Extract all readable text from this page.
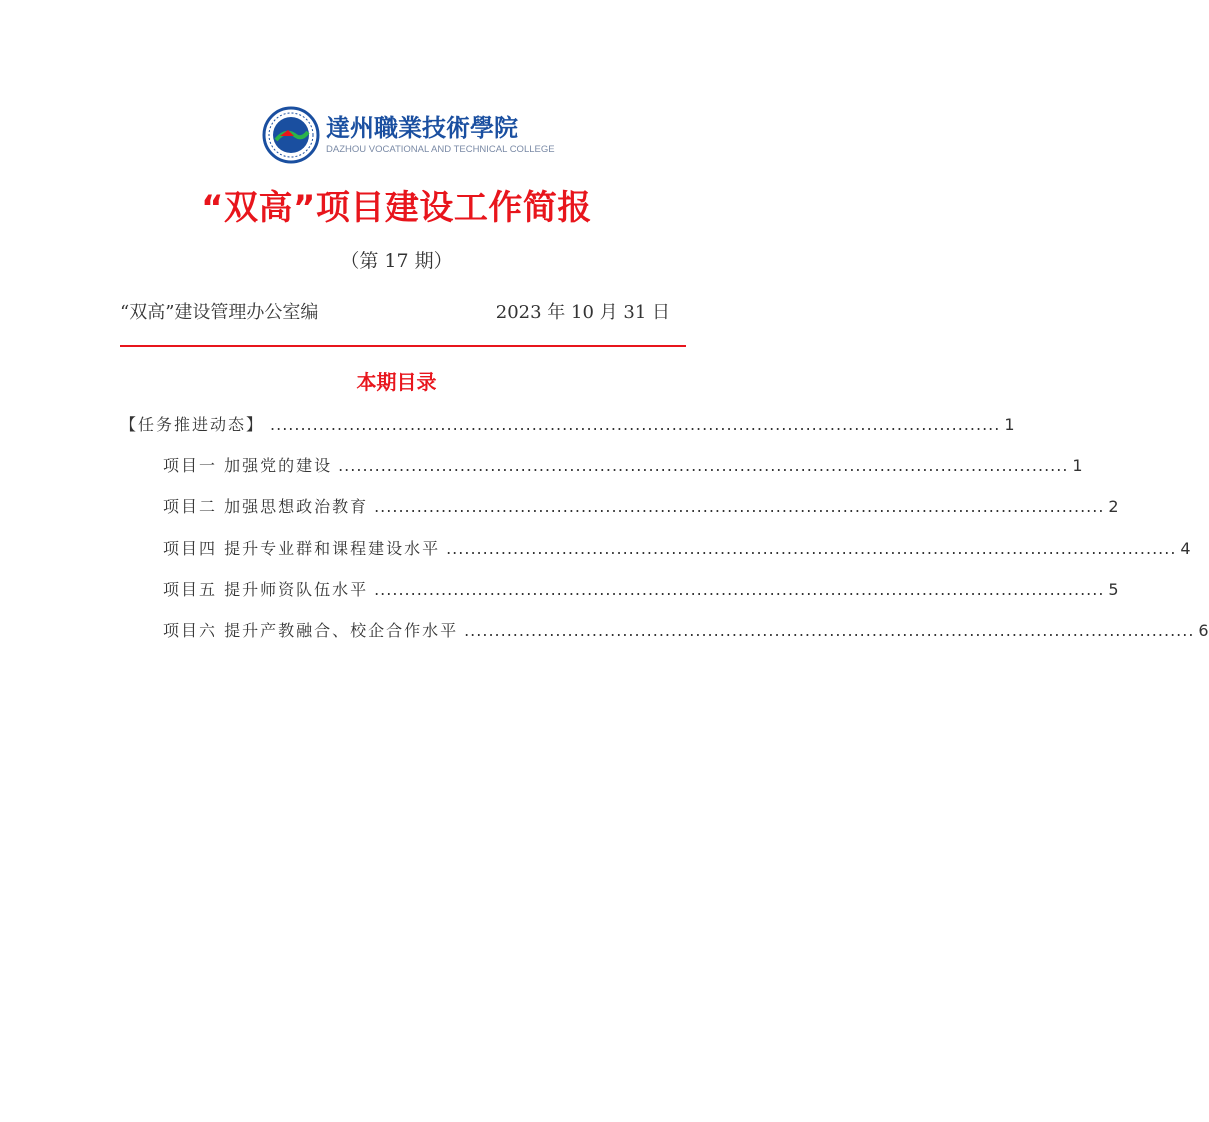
達州職業技術學院
DAZHOU VOCATIONAL AND TECHNICAL COLLEGE
“双高”项目建设工作简报
（第 17 期）
“双高”建设管理办公室编	2023 年 10 月 31 日
本期目录
【任务推进动态】 ........................................................................................................................ 1
项目一 加强党的建设 ........................................................................................................................ 1
项目二 加强思想政治教育 ........................................................................................................................ 2
项目四 提升专业群和课程建设水平 ........................................................................................................................ 4
项目五 提升师资队伍水平 ........................................................................................................................ 5
项目六 提升产教融合、校企合作水平 ........................................................................................................................ 6
